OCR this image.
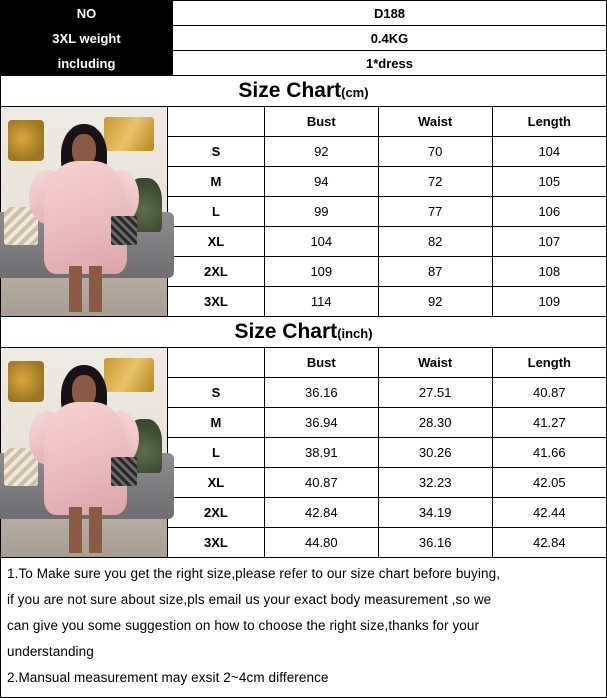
NO	D188
3XL weight	0.4KG
including	1*dress
Size Chart(cm)
	Bust	Waist	Length
S	92	70	104
M	94	72	105
L	99	77	106
XL	104	82	107
2XL	109	87	108
3XL	114	92	109
Size Chart(inch)
	Bust	Waist	Length
S	36.16	27.51	40.87
M	36.94	28.30	41.27
L	38.91	30.26	41.66
XL	40.87	32.23	42.05
2XL	42.84	34.19	42.44
3XL	44.80	36.16	42.84

1.To Make sure you get the right size,please refer to our size chart before buying,

if you are not sure about size,pls email us your exact body measurement ,so we

can give you some suggestion on how to choose the right size,thanks for your

understanding

2.Mansual measurement may exsit 2~4cm difference
